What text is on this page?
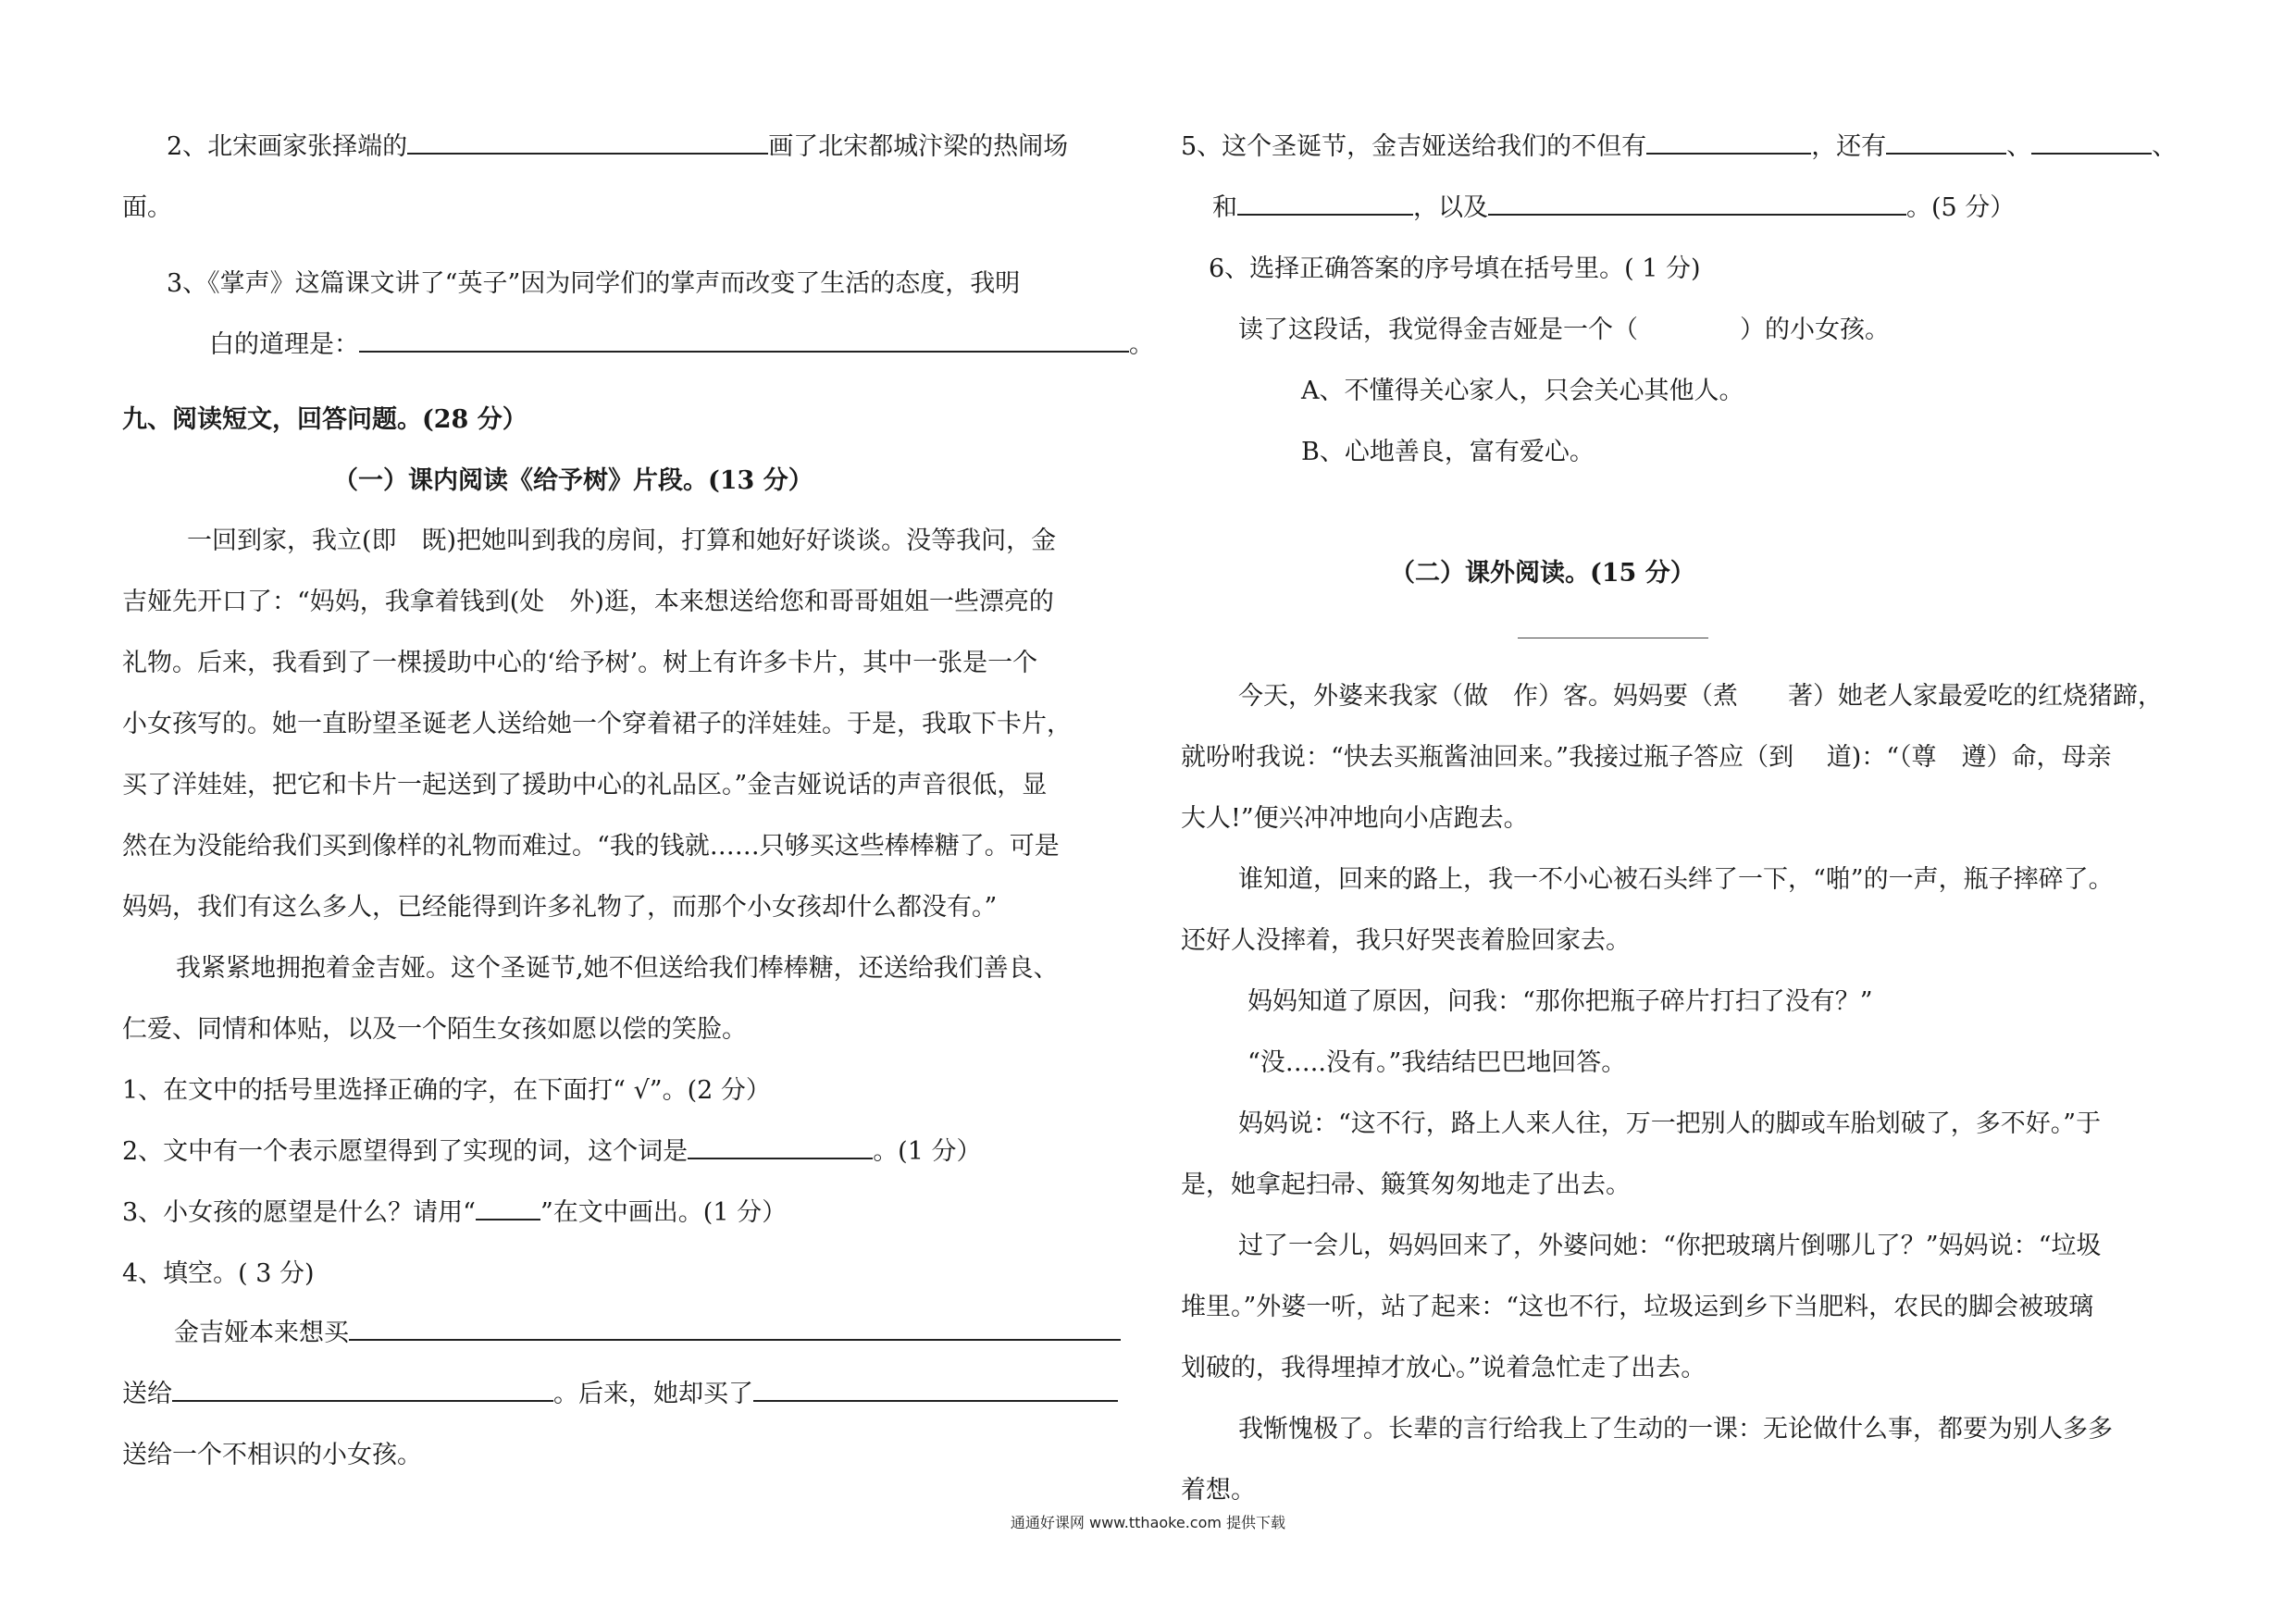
2、北宋画家张择端的	画了北宋都城汴梁的热闹场
面。
3、《掌声》这篇课文讲了“英子”因为同学们的掌声而改变了生活的态度，我明
白的道理是：	。
九、阅读短文，回答问题。(28 分）
（一）课内阅读《给予树》片段。(13 分）
一回到家，我立(即　既)把她叫到我的房间，打算和她好好谈谈。没等我问，金
吉娅先开口了：“妈妈，我拿着钱到(处　外)逛，本来想送给您和哥哥姐姐一些漂亮的
礼物。后来，我看到了一棵援助中心的‘给予树’。树上有许多卡片，其中一张是一个
小女孩写的。她一直盼望圣诞老人送给她一个穿着裙子的洋娃娃。于是，我取下卡片，
买了洋娃娃，把它和卡片一起送到了援助中心的礼品区。”金吉娅说话的声音很低，显
然在为没能给我们买到像样的礼物而难过。“我的钱就……只够买这些棒棒糖了。可是
妈妈，我们有这么多人，已经能得到许多礼物了，而那个小女孩却什么都没有。”
我紧紧地拥抱着金吉娅。这个圣诞节,她不但送给我们棒棒糖，还送给我们善良、
仁爱、同情和体贴，以及一个陌生女孩如愿以偿的笑脸。
1、在文中的括号里选择正确的字，在下面打“ √”。(2 分）
2、文中有一个表示愿望得到了实现的词，这个词是	。(1 分）
3、小女孩的愿望是什么？请用“	”在文中画出。(1 分）
4、填空。( 3 分)
金吉娅本来想买
送给	。后来，她却买了
送给一个不相识的小女孩。
5、这个圣诞节，金吉娅送给我们的不但有	，还有	、	、
和	，以及	。(5 分）
6、选择正确答案的序号填在括号里。( 1 分)
读了这段话，我觉得金吉娅是一个（	）的小女孩。
A、不懂得关心家人，只会关心其他人。
B、心地善良，富有爱心。
（二）课外阅读。(15 分）
今天，外婆来我家（做　作）客。妈妈要（煮　　著）她老人家最爱吃的红烧猪蹄，
就吩咐我说：“快去买瓶酱油回来。”我接过瓶子答应（到　 道)：“（尊　遵）命，母亲
大人!”便兴冲冲地向小店跑去。
谁知道，回来的路上，我一不小心被石头绊了一下，“啪”的一声，瓶子摔碎了。
还好人没摔着，我只好哭丧着脸回家去。
妈妈知道了原因，问我：“那你把瓶子碎片打扫了没有？”
“没…..没有。”我结结巴巴地回答。
妈妈说：“这不行，路上人来人往，万一把别人的脚或车胎划破了，多不好。”于
是，她拿起扫帚、簸箕匆匆地走了出去。
过了一会儿，妈妈回来了，外婆问她：“你把玻璃片倒哪儿了？”妈妈说：“垃圾
堆里。”外婆一听，站了起来：“这也不行，垃圾运到乡下当肥料，农民的脚会被玻璃
划破的，我得埋掉才放心。”说着急忙走了出去。
我惭愧极了。长辈的言行给我上了生动的一课：无论做什么事，都要为别人多多
着想。
通通好课网 www.tthaoke.com 提供下载
